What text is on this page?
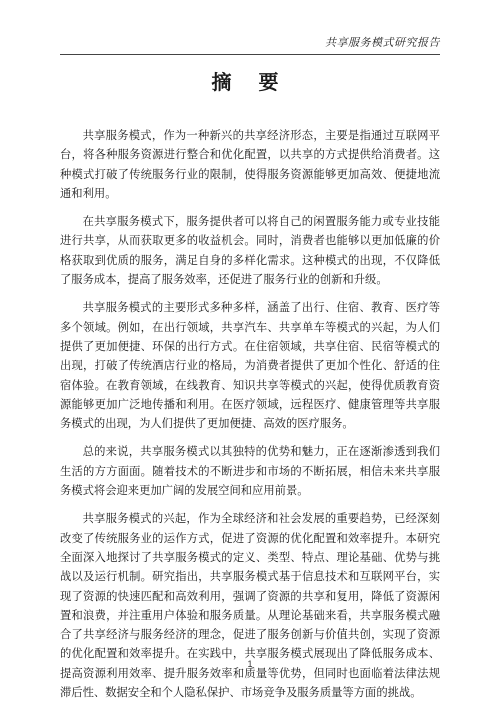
共享服务模式研究报告
摘 要

共享服务模式，作为一种新兴的共享经济形态，主要是指通过互联网平台，将各种服务资源进行整合和优化配置，以共享的方式提供给消费者。这种模式打破了传统服务行业的限制，使得服务资源能够更加高效、便捷地流通和利用。

在共享服务模式下，服务提供者可以将自己的闲置服务能力或专业技能进行共享，从而获取更多的收益机会。同时，消费者也能够以更加低廉的价格获取到优质的服务，满足自身的多样化需求。这种模式的出现，不仅降低了服务成本，提高了服务效率，还促进了服务行业的创新和升级。

共享服务模式的主要形式多种多样，涵盖了出行、住宿、教育、医疗等多个领域。例如，在出行领域，共享汽车、共享单车等模式的兴起，为人们提供了更加便捷、环保的出行方式。在住宿领域，共享住宿、民宿等模式的出现，打破了传统酒店行业的格局，为消费者提供了更加个性化、舒适的住宿体验。在教育领域，在线教育、知识共享等模式的兴起，使得优质教育资源能够更加广泛地传播和利用。在医疗领域，远程医疗、健康管理等共享服务模式的出现，为人们提供了更加便捷、高效的医疗服务。

总的来说，共享服务模式以其独特的优势和魅力，正在逐渐渗透到我们生活的方方面面。随着技术的不断进步和市场的不断拓展，相信未来共享服务模式将会迎来更加广阔的发展空间和应用前景。

共享服务模式的兴起，作为全球经济和社会发展的重要趋势，已经深刻改变了传统服务业的运作方式，促进了资源的优化配置和效率提升。本研究全面深入地探讨了共享服务模式的定义、类型、特点、理论基础、优势与挑战以及运行机制。研究指出，共享服务模式基于信息技术和互联网平台，实现了资源的快速匹配和高效利用，强调了资源的共享和复用，降低了资源闲置和浪费，并注重用户体验和服务质量。从理论基础来看，共享服务模式融合了共享经济与服务经济的理念，促进了服务创新与价值共创，实现了资源的优化配置和效率提升。在实践中，共享服务模式展现出了降低服务成本、提高资源利用效率、提升服务效率和质量等优势，但同时也面临着法律法规滞后性、数据安全和个人隐私保护、市场竞争及服务质量等方面的挑战。

1
